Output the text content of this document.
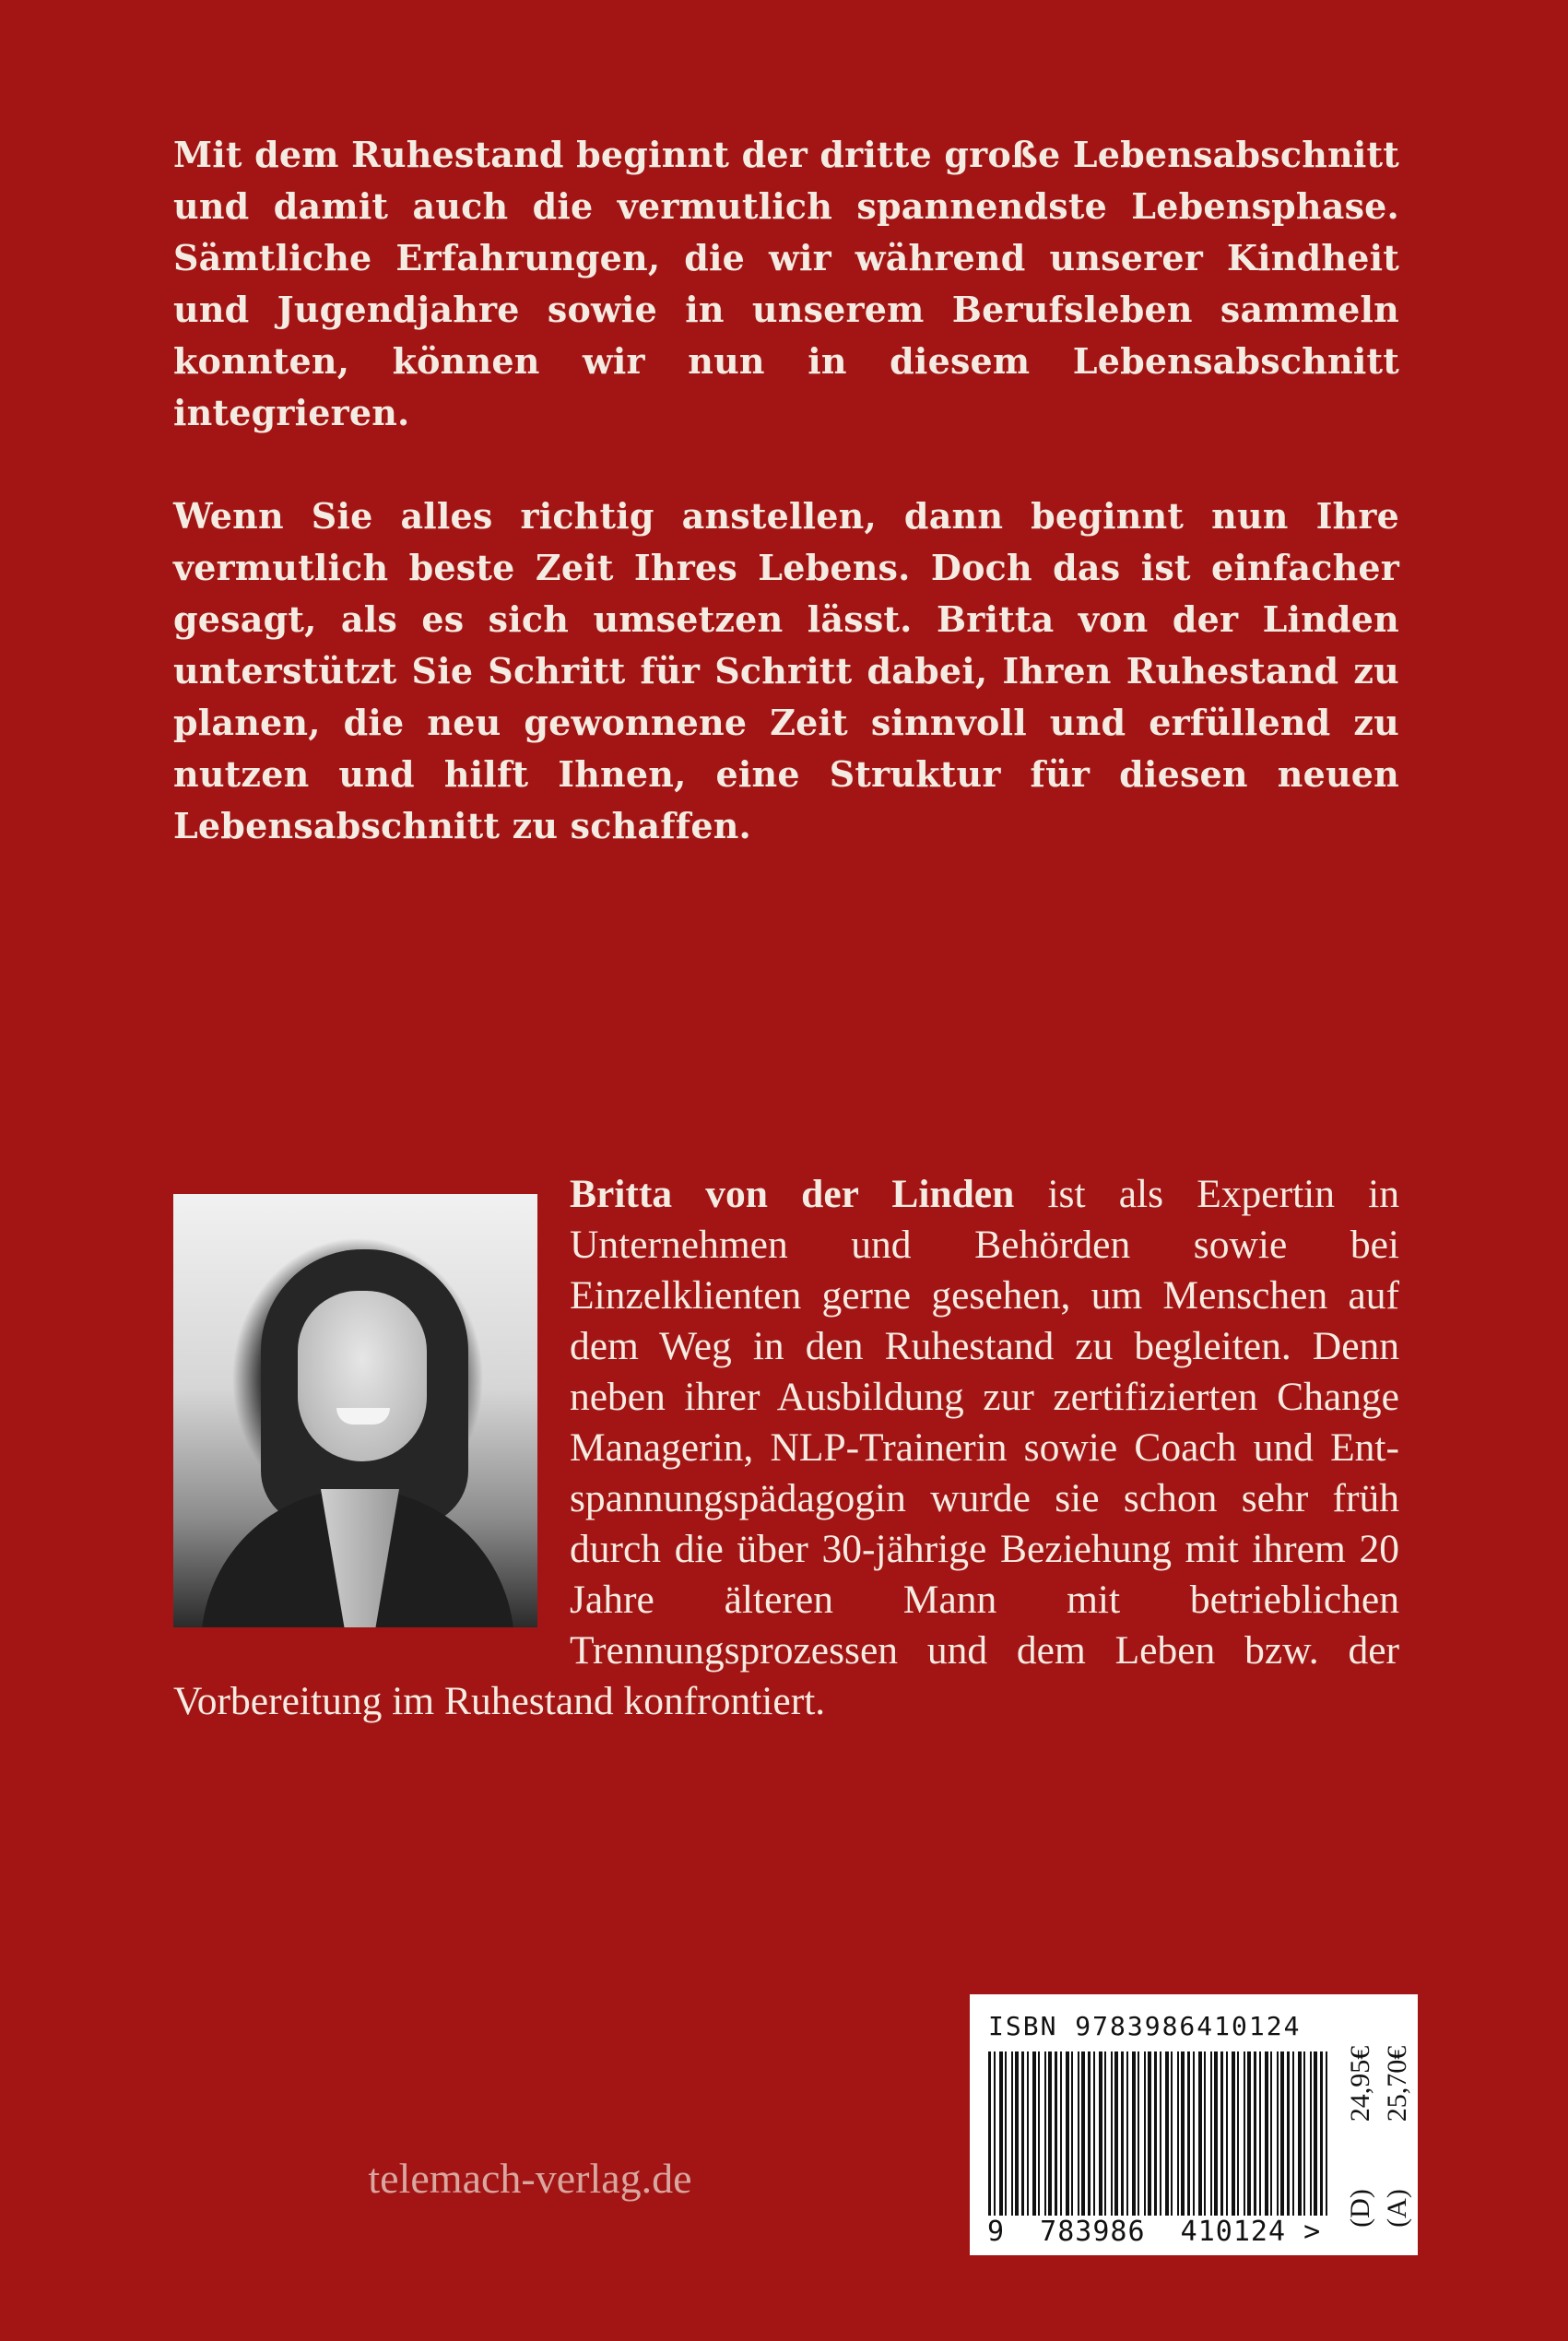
Mit dem Ruhestand beginnt der dritte große Lebensabschnitt und damit auch die vermutlich spannendste Lebensphase. Sämtliche Erfahrungen, die wir während unserer Kindheit und Jugendjahre sowie in unserem Berufsleben sammeln konnten, können wir nun in diesem Lebensabschnitt integrieren.

Wenn Sie alles richtig anstellen, dann beginnt nun Ihre vermutlich beste Zeit Ihres Lebens. Doch das ist einfacher gesagt, als es sich umsetzen lässt. Britta von der Linden unterstützt Sie Schritt für Schritt dabei, Ihren Ruhestand zu planen, die neu gewonnene Zeit sinnvoll und erfüllend zu nutzen und hilft Ihnen, eine Struktur für diesen neuen Lebensabschnitt zu schaffen.

Britta von der Linden ist als Expertin in Unternehmen und Behörden sowie bei Einzelklienten gerne gesehen, um Menschen auf dem Weg in den Ruhestand zu begleiten. Denn neben ihrer Ausbildung zur zertifizierten Change Managerin, NLP-Trainerin sowie Coach und Entspannungspädagogin wurde sie schon sehr früh durch die über 30-jährige Beziehung mit ihrem 20 Jahre älteren Mann mit betrieblichen Trennungsprozessen und dem Leben bzw. der Vorbereitung im Ruhestand konfrontiert.
ISBN 9783986410124
9  783986  410124 >
24,95€
(D)
25,70€
(A)
telemach-verlag.de
